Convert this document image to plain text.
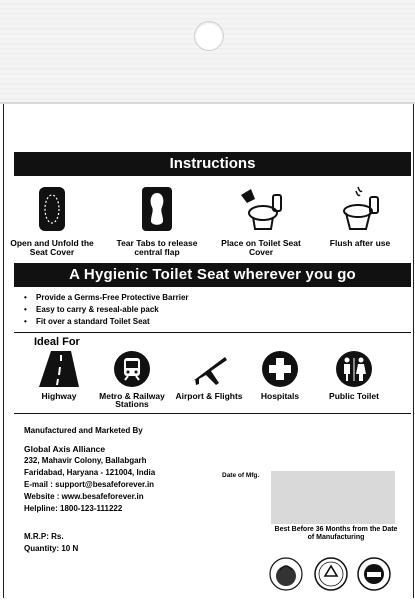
Instructions
Open and Unfold the Seat Cover
Tear Tabs to release central flap
Place on Toilet Seat Cover
Flush after use
A Hygienic Toilet Seat wherever you go
• Provide a Germs-Free Protective Barrier
• Easy to carry & reseal-able pack
• Fit over a standard Toilet Seat
Ideal For
Highway	Metro & Railway Stations
Airport & Flights	Hospitals	Public Toilet
Manufactured and Marketed By
Global Axis Alliance
232, Mahavir Colony, Ballabgarh
Faridabad, Haryana - 121004, India
E-mail : support@besafeforever.in
Website : www.besafeforever.in
Helpline: 1800-123-111222
M.R.P: Rs.
Quantity: 10 N
Date of Mfg.
Best Before 36 Months from the Date of Manufacturing
